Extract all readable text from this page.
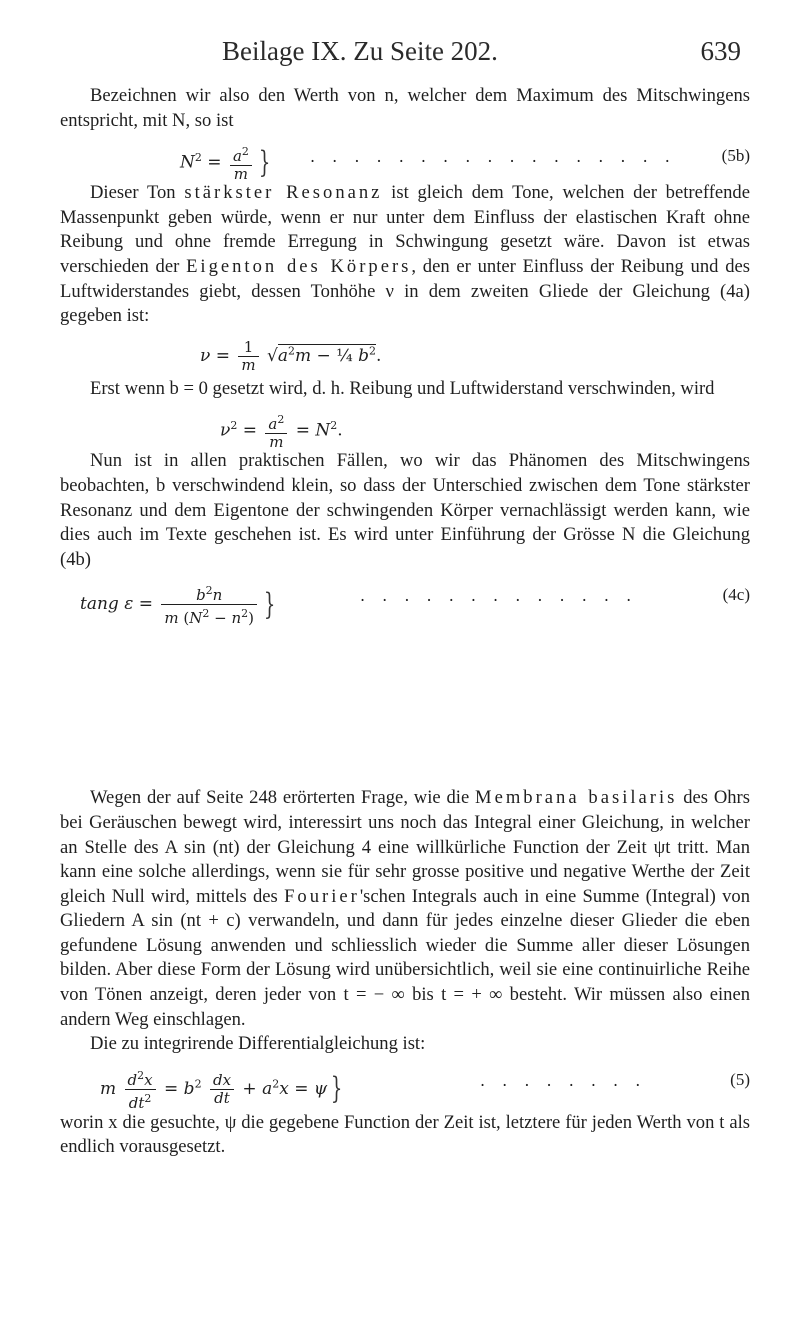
Beilage IX. Zu Seite 202.	639

Bezeichnen wir also den Werth von n, welcher dem Maximum des Mitschwingens entspricht, mit N, so ist

$N^2 = \frac{a^2}{m}$ } . . . . . . . . . . . . . . . . .	(5b)

Dieser Ton stärkster Resonanz ist gleich dem Tone, welchen der betreffende Massenpunkt geben würde, wenn er nur unter dem Einfluss der elastischen Kraft ohne Reibung und ohne fremde Erregung in Schwingung gesetzt wäre. Davon ist etwas verschieden der Eigenton des Körpers, den er unter Einfluss der Reibung und des Luftwiderstandes giebt, dessen Tonhöhe ν in dem zweiten Gliede der Gleichung (4a) gegeben ist:

$\nu = \frac{1}{m} √a^2m$ − ¼ $b^2$.

Erst wenn b = 0 gesetzt wird, d. h. Reibung und Luftwiderstand verschwinden, wird

$\nu^2 = \frac{a^2}{m} = N^2$.

Nun ist in allen praktischen Fällen, wo wir das Phänomen des Mitschwingens beobachten, b verschwindend klein, so dass der Unterschied zwischen dem Tone stärkster Resonanz und dem Eigentone der schwingenden Körper vernachlässigt werden kann, wie dies auch im Texte geschehen ist. Es wird unter Einführung der Grösse N die Gleichung (4b)

tang $\varepsilon = \frac{b^2n}{m (N^2 - n^2)}$ }	. . . . . . . . . . . . .	(4c)

Wegen der auf Seite 248 erörterten Frage, wie die Membrana basilaris des Ohrs bei Geräuschen bewegt wird, interessirt uns noch das Integral einer Gleichung, in welcher an Stelle des A sin (nt) der Gleichung 4 eine willkürliche Function der Zeit ψt tritt. Man kann eine solche allerdings, wenn sie für sehr grosse positive und negative Werthe der Zeit gleich Null wird, mittels des Fourier'schen Integrals auch in eine Summe (Integral) von Gliedern A sin (nt + c) verwandeln, und dann für jedes einzelne dieser Glieder die eben gefundene Lösung anwenden und schliesslich wieder die Summe aller dieser Lösungen bilden. Aber diese Form der Lösung wird unübersichtlich, weil sie eine continuirliche Reihe von Tönen anzeigt, deren jeder von t = − ∞ bis t = + ∞ besteht. Wir müssen also einen andern Weg einschlagen.

Die zu integrirende Differentialgleichung ist:

m $\frac{d^2x}{dt^2} = b^2 \frac{dx}{dt} + a^2x = \psi$ }	. . . . . . . .	(5)

worin x die gesuchte, ψ die gegebene Function der Zeit ist, letztere für jeden Werth von t als endlich vorausgesetzt.
